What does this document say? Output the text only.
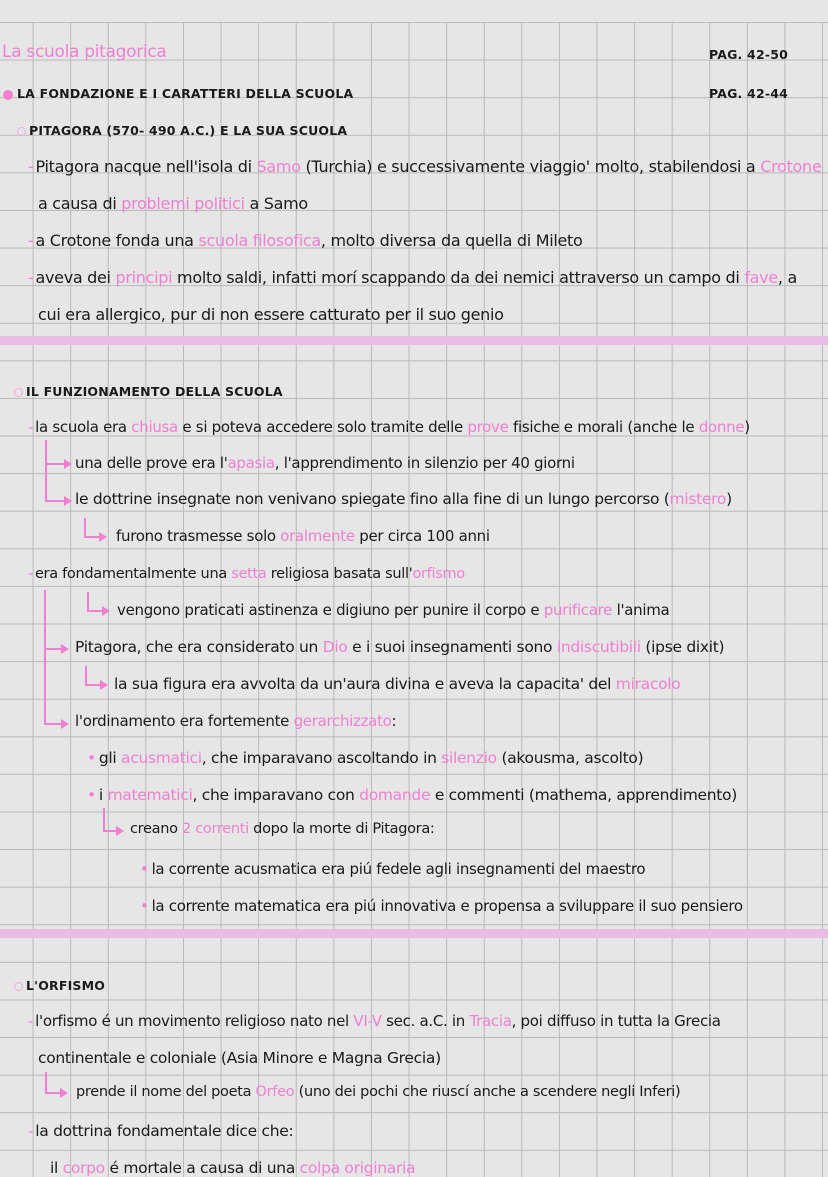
La scuola pitagorica	PAG. 42-50
PAG. 42-44
LA FONDAZIONE E I CARATTERI DELLA SCUOLA
PITAGORA (570- 490 A.C.) E LA SUA SCUOLA
- Pitagora nacque nell'isola di Samo (Turchia) e successivamente viaggio' molto, stabilendosi a Crotone
a causa di problemi politici a Samo
- a Crotone fonda una scuola filosofica, molto diversa da quella di Mileto
- aveva dei principi molto saldi, infatti morí scappando da dei nemici attraverso un campo di fave, a
cui era allergico, pur di non essere catturato per il suo genio
IL FUNZIONAMENTO DELLA SCUOLA
- la scuola era chiusa e si poteva accedere solo tramite delle prove fisiche e morali (anche le donne)
una delle prove era l'apasia, l'apprendimento in silenzio per 40 giorni
le dottrine insegnate non venivano spiegate fino alla fine di un lungo percorso (mistero)
furono trasmesse solo oralmente per circa 100 anni
- era fondamentalmente una setta religiosa basata sull'orfismo
vengono praticati astinenza e digiuno per punire il corpo e purificare l'anima
Pitagora, che era considerato un Dio e i suoi insegnamenti sono indiscutibili (ipse dixit)
la sua figura era avvolta da un'aura divina e aveva la capacita' del miracolo
l'ordinamento era fortemente gerarchizzato:
• gli acusmatici, che imparavano ascoltando in silenzio (akousma, ascolto)
• i matematici, che imparavano con domande e commenti (mathema, apprendimento)
creano 2 correnti dopo la morte di Pitagora:
• la corrente acusmatica era piú fedele agli insegnamenti del maestro
• la corrente matematica era piú innovativa e propensa a sviluppare il suo pensiero
L'ORFISMO
- l'orfismo é un movimento religioso nato nel VI-V sec. a.C. in Tracia, poi diffuso in tutta la Grecia
continentale e coloniale (Asia Minore e Magna Grecia)
prende il nome del poeta Orfeo (uno dei pochi che riuscí anche a scendere negli Inferi)
- la dottrina fondamentale dice che:
il corpo é mortale a causa di una colpa originaria
